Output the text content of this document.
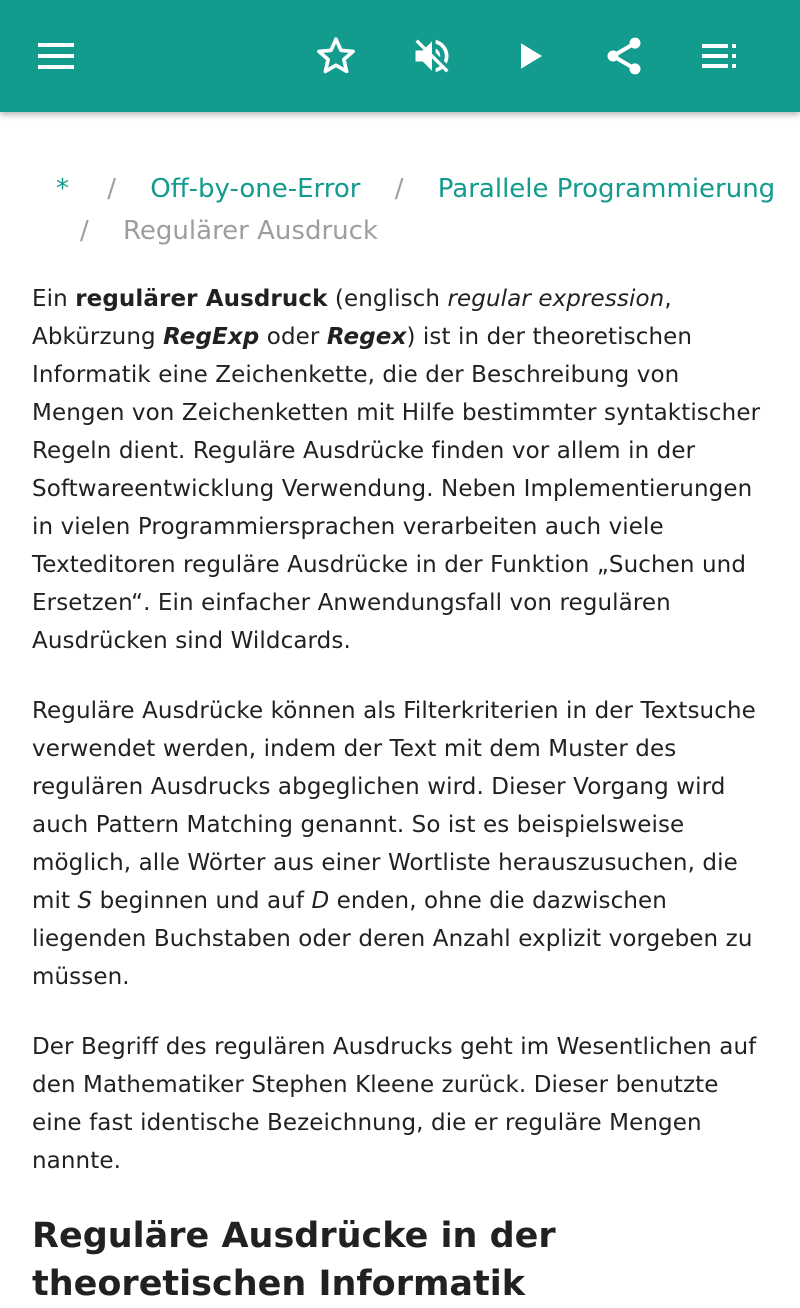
* / Off-by-one-Error / Parallele Programmierung
/ Regulärer Ausdruck

Ein regulärer Ausdruck (englisch regular expression, Abkürzung RegExp oder Regex) ist in der theoretischen Informatik eine Zeichenkette, die der Beschreibung von Mengen von Zeichenketten mit Hilfe bestimmter syntaktischer Regeln dient. Reguläre Ausdrücke finden vor allem in der Softwareentwicklung Verwendung. Neben Implementierungen in vielen Programmiersprachen verarbeiten auch viele Texteditoren reguläre Ausdrücke in der Funktion „Suchen und Ersetzen“. Ein einfacher Anwendungsfall von regulären Ausdrücken sind Wildcards.

Reguläre Ausdrücke können als Filterkriterien in der Textsuche verwendet werden, indem der Text mit dem Muster des regulären Ausdrucks abgeglichen wird. Dieser Vorgang wird auch Pattern Matching genannt. So ist es beispielsweise möglich, alle Wörter aus einer Wortliste herauszusuchen, die mit S beginnen und auf D enden, ohne die dazwischen liegenden Buchstaben oder deren Anzahl explizit vorgeben zu müssen.

Der Begriff des regulären Ausdrucks geht im Wesentlichen auf den Mathematiker Stephen Kleene zurück. Dieser benutzte eine fast identische Bezeichnung, die er reguläre Mengen nannte.

Reguläre Ausdrücke in der theoretischen Informatik
